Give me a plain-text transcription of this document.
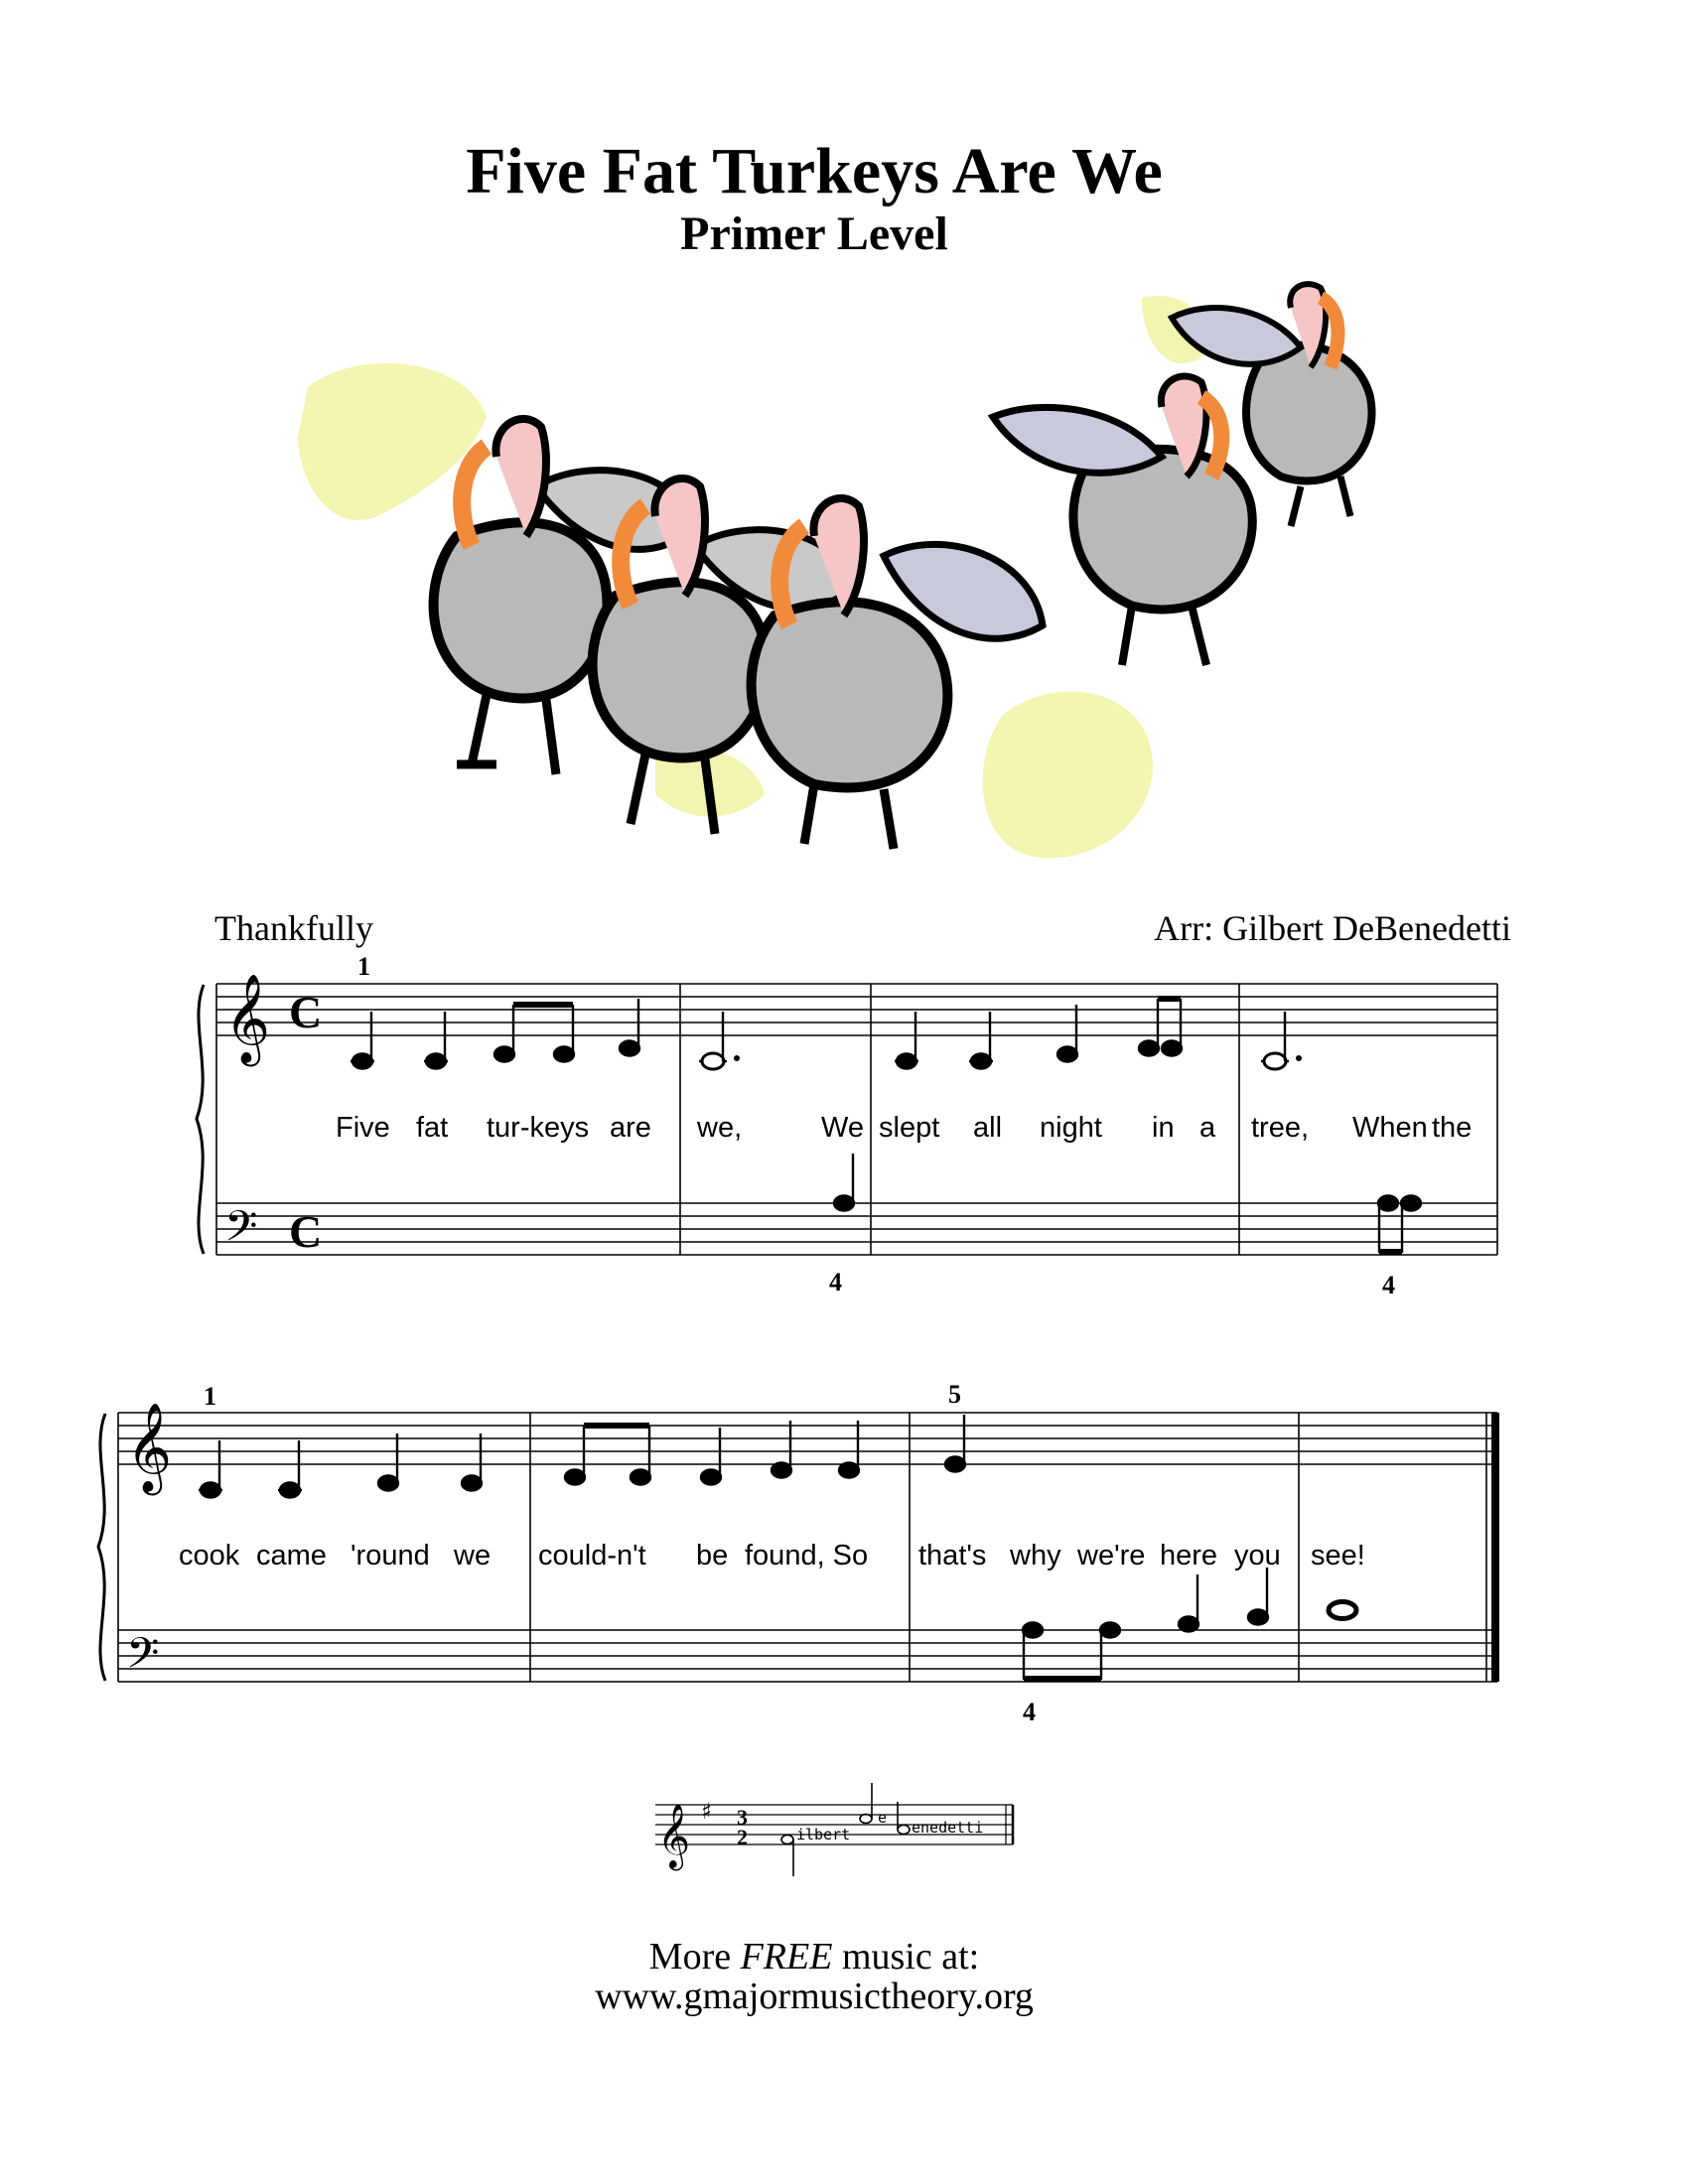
Five Fat Turkeys Are We
Primer Level
Thankfully	Arr: Gilbert DeBenedetti
𝄞
𝄢
C
C
1
4	4
Five fat tur-keys are we,	We slept all night in a tree, When the
𝄞
𝄢
1	5
4
cook came 'round we could-n't be found, So that's why we're here you see!
𝄞 ♯ 3
2
e
ilbert	enedetti
More FREE music at:
www.gmajormusictheory.org
